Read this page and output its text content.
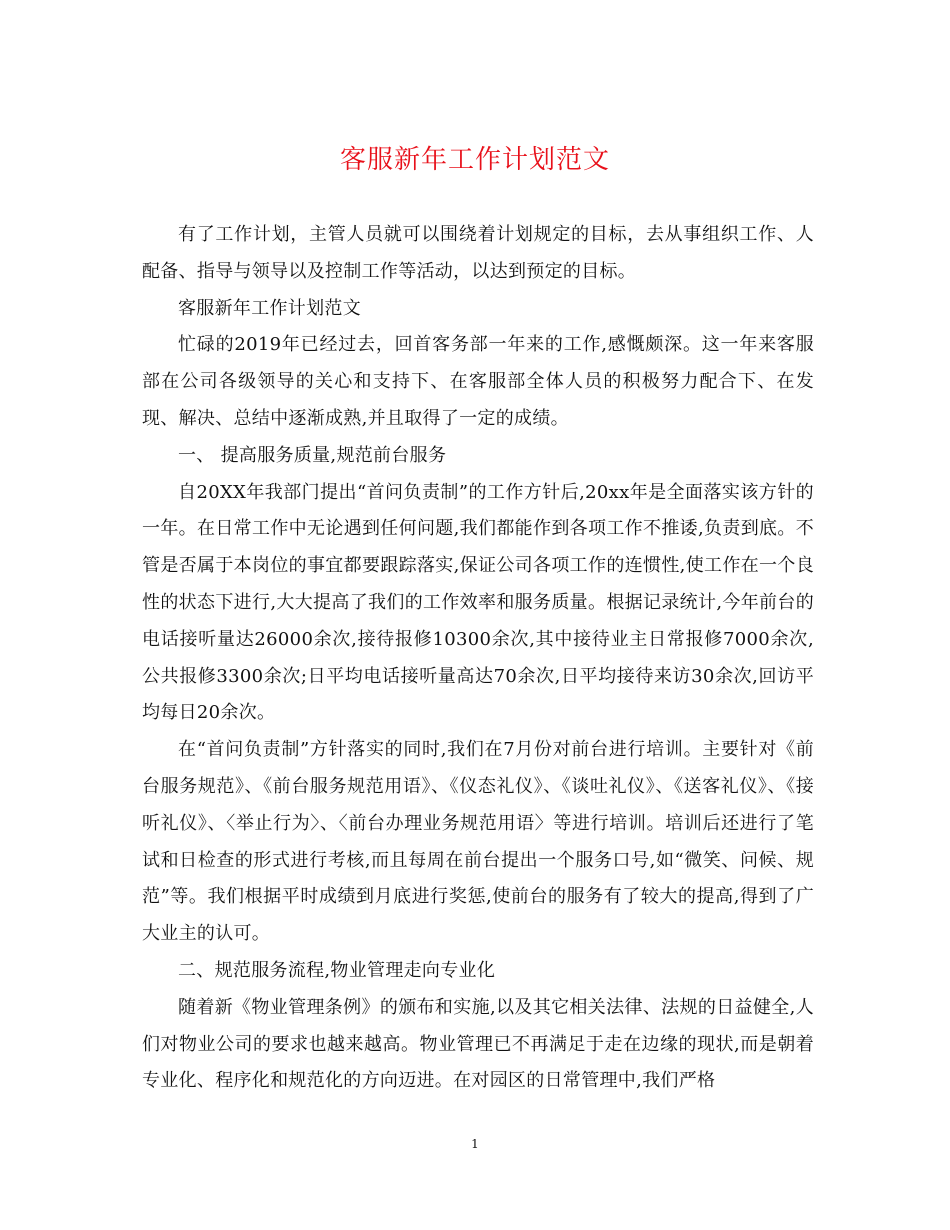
客服新年工作计划范文

有了工作计划，主管人员就可以围绕着计划规定的目标，去从事组织工作、人配备、指导与领导以及控制工作等活动，以达到预定的目标。

客服新年工作计划范文

忙碌的2019年已经过去，回首客务部一年来的工作,感慨颇深。这一年来客服部在公司各级领导的关心和支持下、在客服部全体人员的积极努力配合下、在发现、解决、总结中逐渐成熟,并且取得了一定的成绩。

一、 提高服务质量,规范前台服务

自20XX年我部门提出“首问负责制”的工作方针后,20xx年是全面落实该方针的一年。在日常工作中无论遇到任何问题,我们都能作到各项工作不推诿,负责到底。不管是否属于本岗位的事宜都要跟踪落实,保证公司各项工作的连惯性,使工作在一个良性的状态下进行,大大提高了我们的工作效率和服务质量。根据记录统计,今年前台的电话接听量达26000余次,接待报修10300余次,其中接待业主日常报修7000余次,公共报修3300余次;日平均电话接听量高达70余次,日平均接待来访30余次,回访平均每日20余次。

在“首问负责制”方针落实的同时,我们在7月份对前台进行培训。主要针对《前台服务规范》、《前台服务规范用语》、《仪态礼仪》、《谈吐礼仪》、《送客礼仪》、《接听礼仪》、〈举止行为〉、〈前台办理业务规范用语〉等进行培训。培训后还进行了笔试和日检查的形式进行考核,而且每周在前台提出一个服务口号,如“微笑、问候、规范”等。我们根据平时成绩到月底进行奖惩,使前台的服务有了较大的提高,得到了广大业主的认可。

二、规范服务流程,物业管理走向专业化

随着新《物业管理条例》的颁布和实施,以及其它相关法律、法规的日益健全,人们对物业公司的要求也越来越高。物业管理已不再满足于走在边缘的现状,而是朝着专业化、程序化和规范化的方向迈进。在对园区的日常管理中,我们严格

1
